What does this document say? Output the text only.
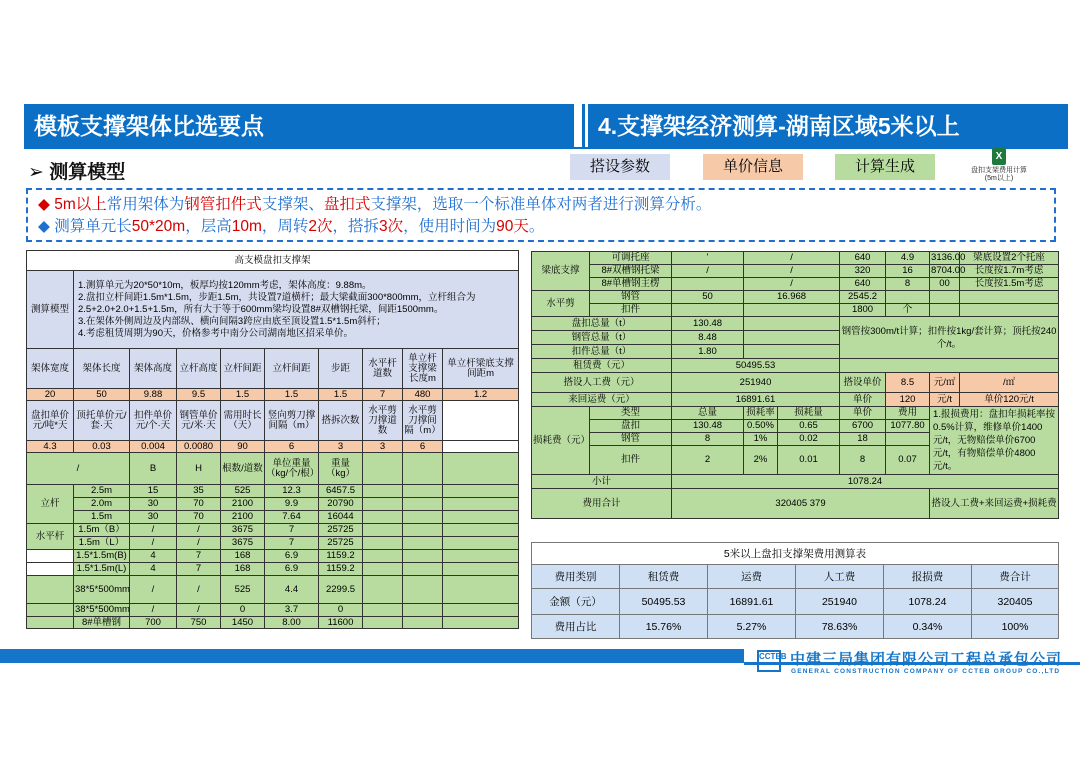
模板支撑架体比选要点	4.支撑架经济测算-湖南区域5米以上
➢ 测算模型	搭设参数	单价信息	计算生成
X
盘扣支架费用计算
(5m以上)
◆ 5m以上常用架体为钢管扣件式支撑架、盘扣式支撑架，选取一个标准单体对两者进行测算分析。
◆ 测算单元长50*20m，层高10m，周转2次，搭拆3次，使用时间为90天。
高支模盘扣支撑架									
测算模型	1.测算单元为20*50*10m，板厚均按120mm考虑，架体高度：9.88m。
2.盘扣立杆间距1.5m*1.5m，步距1.5m，共设置7道横杆；最大梁截面300*800mm，立杆组合为2.5+2.0+2.0+1.5+1.5m，所有大于等于600mm梁均设置8#双槽钢托梁，间距1500mm。
3.在架体外侧周边及内部纵、横向间隔3跨应由底至顶设置1.5*1.5m斜杆；
4.考虑租赁周期为90天，价格参考中南分公司湖南地区招采单价。								

架体宽度	架体长度	架体高度	立杆高度	立杆间距	立杆间距	步距	水平杆道数	单立杆支撑梁长度m	单立杆梁底支撑间距m
20	50	9.88	9.5	1.5	1.5	1.5	7	480	1.2
盘扣单价元/吨*天	顶托单价元/套·天	扣件单价元/个·天	钢管单价元/米·天	需用时长（天）	竖向剪刀撑间隔（m）	搭拆次数	水平剪刀撑道数	水平剪刀撑间隔（m）	
4.3	0.03	0.004	0.0080	90	6	3	3	6	
/		B	H	根数/道数	单位重量（kg/个/根）	重量（kg）			
立杆	2.5m	15	35	525	12.3	6457.5			
	2.0m	30	70	2100	9.9	20790			
	1.5m	30	70	2100	7.64	16044			
水平杆	1.5m（B）	/	/	3675	7	25725			
	1.5m（L）	/	/	3675	7	25725			
	1.5*1.5m(B)	4	7	168	6.9	1159.2			
	1.5*1.5m(L)	4	7	168	6.9	1159.2			
	38*5*500mm	/	/	525	4.4	2299.5			
	38*5*500mm	/	/	0	3.7	0			
	8#单槽钢	700	750	1450	8.00	11600			
梁底支撑	可调托座	'	/		640	4.9	3136.00	梁底设置2个托座
	8#双槽钢托梁	/	/		320	16	8704.00	长度按1.7m考虑
	8#单槽钢主楞		/		640	8	00	长度按1.5m考虑
水平剪	钢管	50	16.968		2545.2			
	扣件				1800	个		
盘扣总量（t）		130.48			钢管按300m/t计算；扣件按1kg/套计算；顶托按240个/t。			
钢管总量（t）		8.48						
扣件总量（t）		1.80						
租赁费（元）		50495.53						
搭设人工费（元）		251940			搭设单价	8.5	元/㎡	/㎡
来回运费（元）		16891.61			单价	120	元/t	单价120元/t
损耗费（元）	类型	总量	损耗率	损耗量	单价	费用	1.报损费用：盘扣年损耗率按0.5%计算，维修单价1400元/t，无物赔偿单价6700元/t，有物赔偿单价4800元/t。	
	盘扣	130.48	0.50%	0.65	6700	1077.80		
	钢管	8	1%	0.02	18			
	扣件	2	2%	0.01	8	0.07		
小计		1078.24						
费用合计		320405 379					搭设人工费+来回运费+损耗费	
5米以上盘扣支撑架费用测算表					
费用类别	租赁费	运费	人工费	报损费	费合计
金额（元）	50495.53	16891.61	251940	1078.24	320405
费用占比	15.76%	5.27%	78.63%	0.34%	100%
CCTEB 中建三局集团有限公司工程总承包公司
GENERAL CONSTRUCTION COMPANY OF CCTEB GROUP CO.,LTD
